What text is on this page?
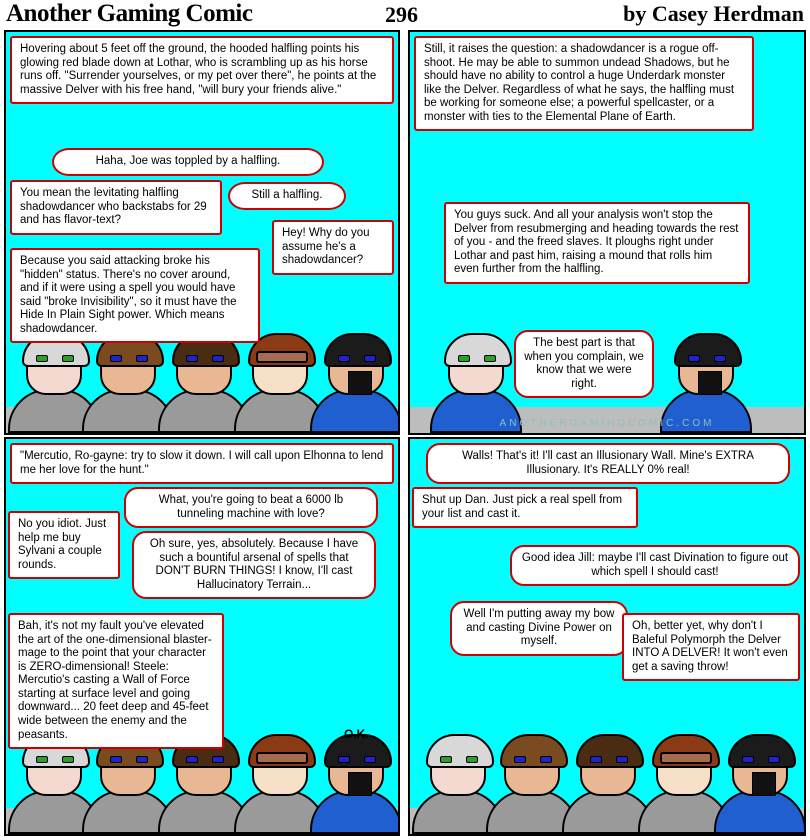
Another Gaming Comic	296	by Casey Herdman
Hovering about 5 feet off the ground, the hooded halfling points his glowing red blade down at Lothar, who is scrambling up as his horse runs off. "Surrender yourselves, or my pet over there", he points at the massive Delver with his free hand, "will bury your friends alive."
Haha, Joe was toppled by a halfling.
You mean the levitating halfling shadowdancer who backstabs for 29 and has flavor-text?
Still a halfling.
Hey! Why do you assume he's a shadowdancer?
Because you said attacking broke his "hidden" status. There's no cover around, and if it were using a spell you would have said "broke Invisibility", so it must have the Hide In Plain Sight power. Which means shadowdancer.
Still, it raises the question: a shadowdancer is a rogue off-shoot. He may be able to summon undead Shadows, but he should have no ability to control a huge Underdark monster like the Delver. Regardless of what he says, the halfling must be working for someone else; a powerful spellcaster, or a monster with ties to the Elemental Plane of Earth.
You guys suck. And all your analysis won't stop the Delver from resubmerging and heading towards the rest of you - and the freed slaves. It ploughs right under Lothar and past him, raising a mound that rolls him even further from the halfling.
The best part is that when you complain, we know that we were right.
ANOTHERGAMINGCOMIC.COM
"Mercutio, Ro-gayne: try to slow it down. I will call upon Elhonna to lend me her love for the hunt."
What, you're going to beat a 6000 lb tunneling machine with love?
No you idiot. Just help me buy Sylvani a couple rounds.
Oh sure, yes, absolutely. Because I have such a bountiful arsenal of spells that DON'T BURN THINGS! I know, I'll cast Hallucinatory Terrain...
Bah, it's not my fault you've elevated the art of the one-dimensional blaster-mage to the point that your character is ZERO-dimensional! Steele: Mercutio's casting a Wall of Force starting at surface level and going downward... 20 feet deep and 45-feet wide between the enemy and the peasants.	O.K.
Walls! That's it! I'll cast an Illusionary Wall. Mine's EXTRA Illusionary. It's REALLY 0% real!
Shut up Dan. Just pick a real spell from your list and cast it.
Good idea Jill: maybe I'll cast Divination to figure out which spell I should cast!
Well I'm putting away my bow and casting Divine Power on myself.
Oh, better yet, why don't I Baleful Polymorph the Delver INTO A DELVER! It won't even get a saving throw!
